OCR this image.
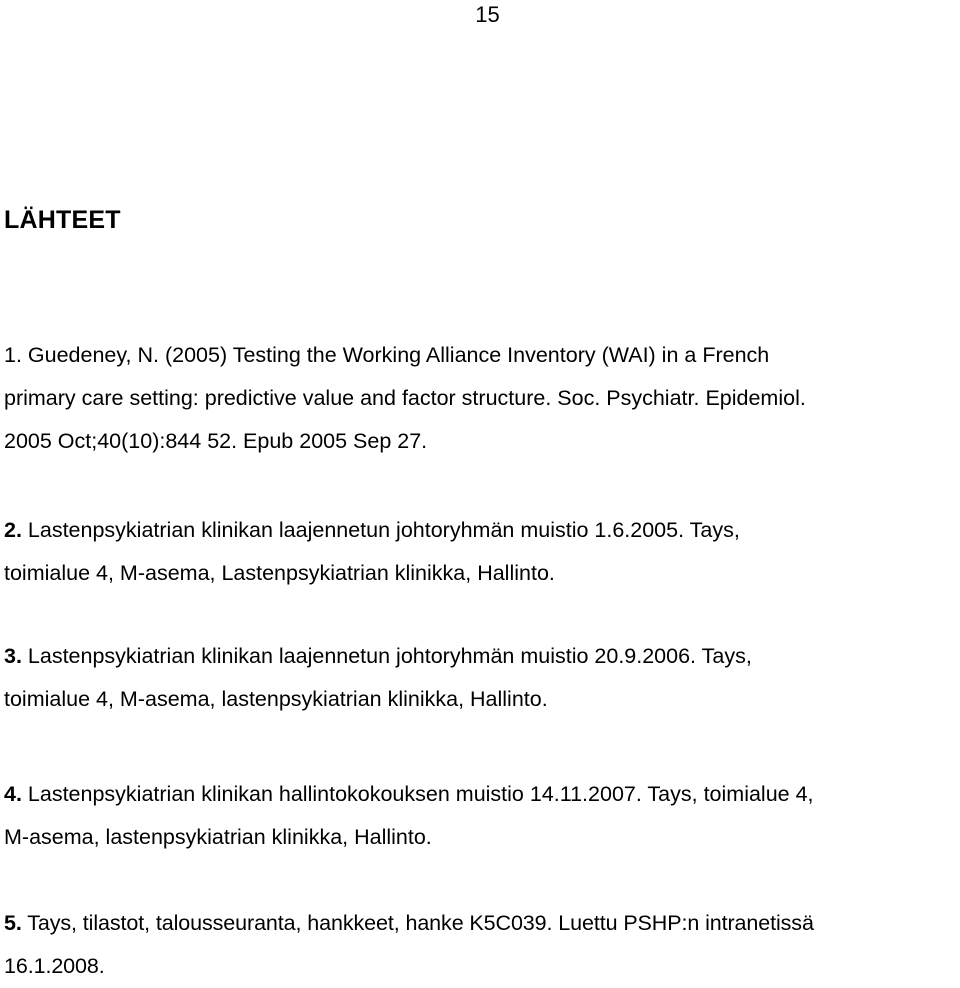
15
LÄHTEET
1. Guedeney, N. (2005) Testing the Working Alliance Inventory (WAI) in a French
primary care setting: predictive value and factor structure. Soc. Psychiatr. Epidemiol.
2005 Oct;40(10):844 52. Epub 2005 Sep 27.
2. Lastenpsykiatrian klinikan laajennetun johtoryhmän muistio 1.6.2005. Tays,
toimialue 4, M-asema, Lastenpsykiatrian klinikka, Hallinto.
3. Lastenpsykiatrian klinikan laajennetun johtoryhmän muistio 20.9.2006. Tays,
toimialue 4, M-asema, lastenpsykiatrian klinikka, Hallinto.
4. Lastenpsykiatrian klinikan hallintokokouksen muistio 14.11.2007. Tays, toimialue 4,
M-asema, lastenpsykiatrian klinikka, Hallinto.
5. Tays, tilastot, talousseuranta, hankkeet, hanke K5C039. Luettu PSHP:n intranetissä
16.1.2008.
